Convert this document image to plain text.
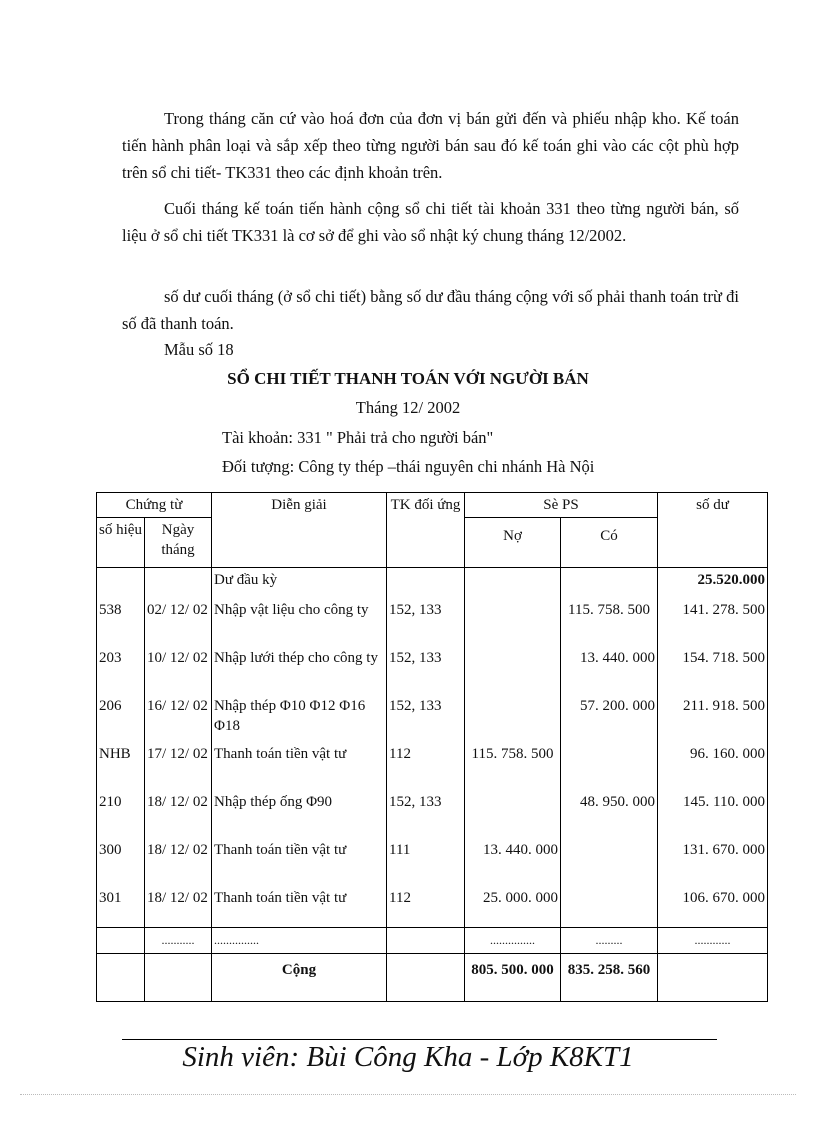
Trong tháng căn cứ vào hoá đơn của đơn vị bán gửi đến và phiếu nhập kho. Kế toán tiến hành phân loại và sắp xếp theo từng người bán sau đó kế toán ghi vào các cột phù hợp trên sổ chi tiết- TK331 theo các định khoản trên.

Cuối tháng kế toán tiến hành cộng sổ chi tiết tài khoản 331 theo từng người bán, số liệu ở sổ chi tiết TK331 là cơ sở để ghi vào sổ nhật ký chung tháng 12/2002.

số dư cuối tháng (ở sổ chi tiết) bằng số dư đầu tháng cộng với số phải thanh toán trừ đi số đã thanh toán.

Mẫu số 18
SỔ CHI TIẾT THANH TOÁN VỚI NGƯỜI BÁN
Tháng 12/ 2002
Tài khoản: 331 " Phải trả cho người bán"
Đối tượng: Công ty thép –thái nguyên chi nhánh Hà Nội
Chứng từ		Diễn giải	TK đối ứng	Sè PS		số dư
số hiệu	Ngày tháng			Nợ	Có	
		Dư đầu kỳ				25.520.000
538	02/ 12/ 02	Nhập vật liệu cho công ty	152, 133		115. 758. 500	141. 278. 500
203	10/ 12/ 02	Nhập lưới thép cho công ty	152, 133		13. 440. 000	154. 718. 500
206	16/ 12/ 02	Nhập thép Φ10 Φ12 Φ16 Φ18	152, 133		57. 200. 000	211. 918. 500
NHB	17/ 12/ 02	Thanh toán tiền vật tư	112	115. 758. 500		96. 160. 000
210	18/ 12/ 02	Nhập thép ống Φ90	152, 133		48. 950. 000	145. 110. 000
300	18/ 12/ 02	Thanh toán tiền vật tư	111	13. 440. 000		131. 670. 000
301	18/ 12/ 02	Thanh toán tiền vật tư	112	25. 000. 000		106. 670. 000
	...........	...............		...............	.........	............
		Cộng		805. 500. 000	835. 258. 560	
Sinh viên: Bùi Công Kha - Lớp K8KT1
